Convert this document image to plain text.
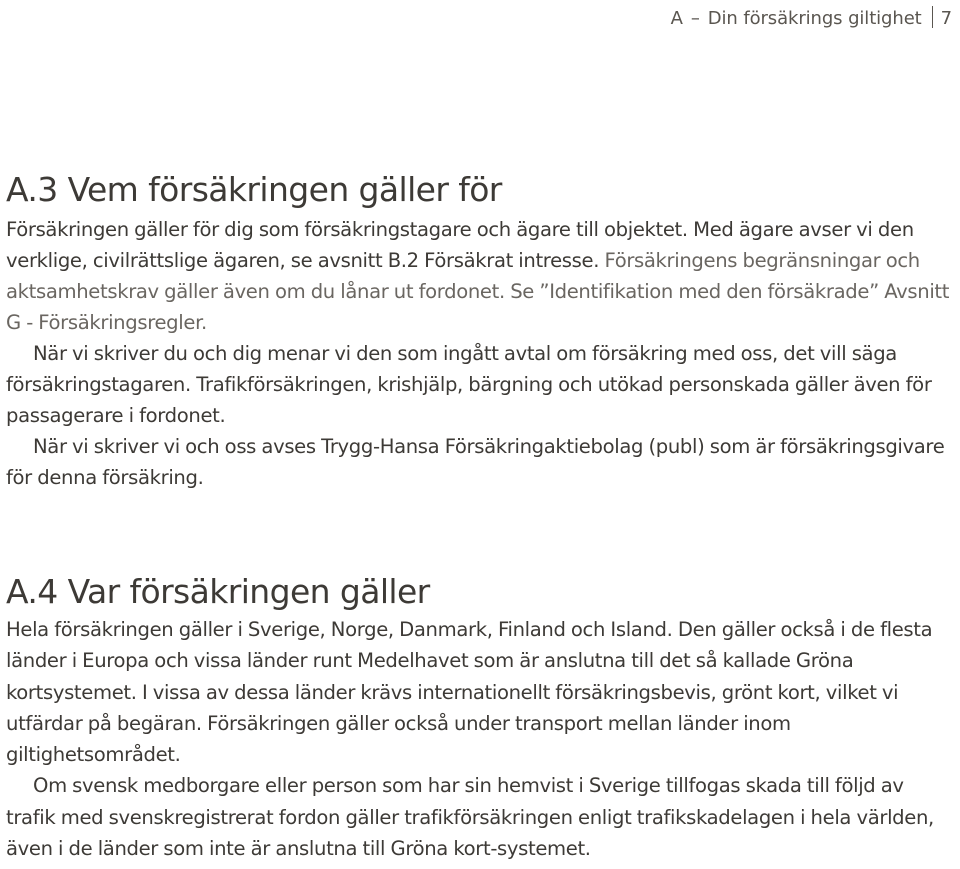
A – Din försäkrings giltighet 7
A.3 Vem försäkringen gäller för

Försäkringen gäller för dig som försäkringstagare och ägare till objektet. Med ägare avser vi den verklige, civilrättslige ägaren, se avsnitt B.2 Försäkrat intresse. Försäkringens begränsningar och aktsamhetskrav gäller även om du lånar ut fordonet. Se ”Identifikation med den försäkrade” Avsnitt G - Försäkringsregler.

När vi skriver du och dig menar vi den som ingått avtal om försäkring med oss, det vill säga försäkringstagaren. Trafikförsäkringen, krishjälp, bärgning och utökad personskada gäller även för passagerare i fordonet.

När vi skriver vi och oss avses Trygg-Hansa Försäkringaktiebolag (publ) som är försäkringsgivare för denna försäkring.

A.4 Var försäkringen gäller

Hela försäkringen gäller i Sverige, Norge, Danmark, Finland och Island. Den gäller också i de flesta länder i Europa och vissa länder runt Medelhavet som är anslutna till det så kallade Gröna kortsystemet. I vissa av dessa länder krävs internationellt försäkringsbevis, grönt kort, vilket vi utfärdar på begäran. Försäkringen gäller också under transport mellan länder inom giltighetsområdet.

Om svensk medborgare eller person som har sin hemvist i Sverige tillfogas skada till följd av trafik med svenskregistrerat fordon gäller trafikförsäkringen enligt trafikskadelagen i hela världen, även i de länder som inte är anslutna till Gröna kort-systemet.
